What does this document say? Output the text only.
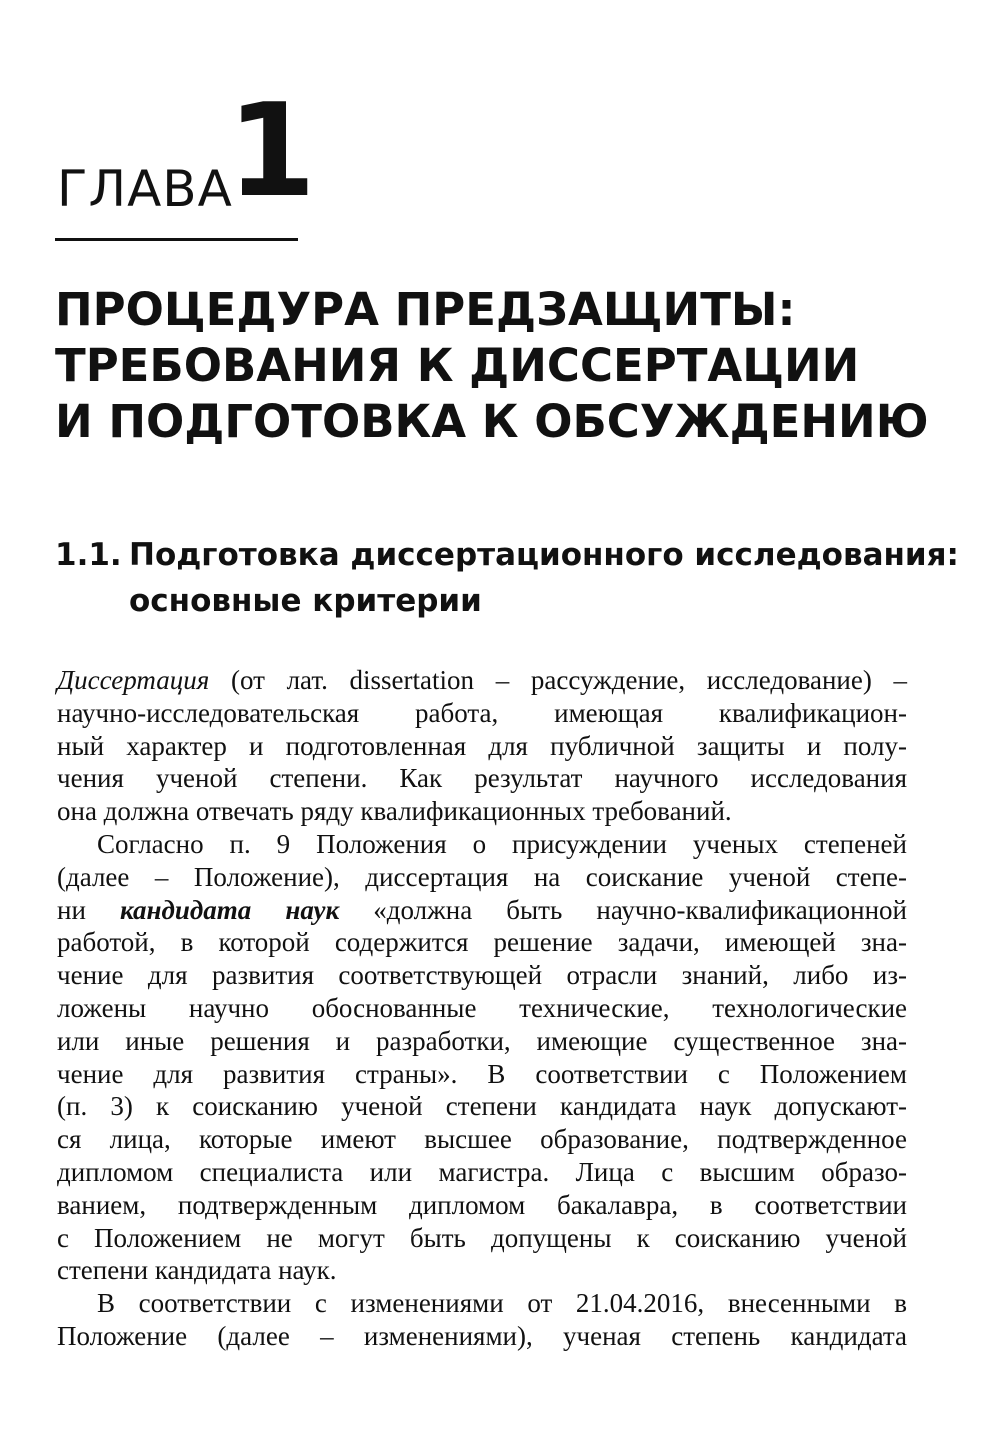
ГЛАВА
1
ПРОЦЕДУРА ПРЕДЗАЩИТЫ:
ТРЕБОВАНИЯ К ДИССЕРТАЦИИ
И ПОДГОТОВКА К ОБСУЖДЕНИЮ
1.1. Подготовка диссертационного исследования:
основные критерии

Диссертация (от лат. dissertation – рассуждение, исследование) –
научно-исследовательская работа, имеющая квалификацион-
ный характер и подготовленная для публичной защиты и полу-
чения ученой степени. Как результат научного исследования
она должна отвечать ряду квалификационных требований.

Согласно п. 9 Положения о присуждении ученых степеней
(далее – Положение), диссертация на соискание ученой степе-
ни кандидата наук «должна быть научно-квалификационной
работой, в которой содержится решение задачи, имеющей зна-
чение для развития соответствующей отрасли знаний, либо из-
ложены научно обоснованные технические, технологические
или иные решения и разработки, имеющие существенное зна-
чение для развития страны». В соответствии с Положением
(п. 3) к соисканию ученой степени кандидата наук допускают-
ся лица, которые имеют высшее образование, подтвержденное
дипломом специалиста или магистра. Лица с высшим образо-
ванием, подтвержденным дипломом бакалавра, в соответствии
с Положением не могут быть допущены к соисканию ученой
степени кандидата наук.

В соответствии с изменениями от 21.04.2016, внесенными в
Положение (далее – изменениями), ученая степень кандидата
